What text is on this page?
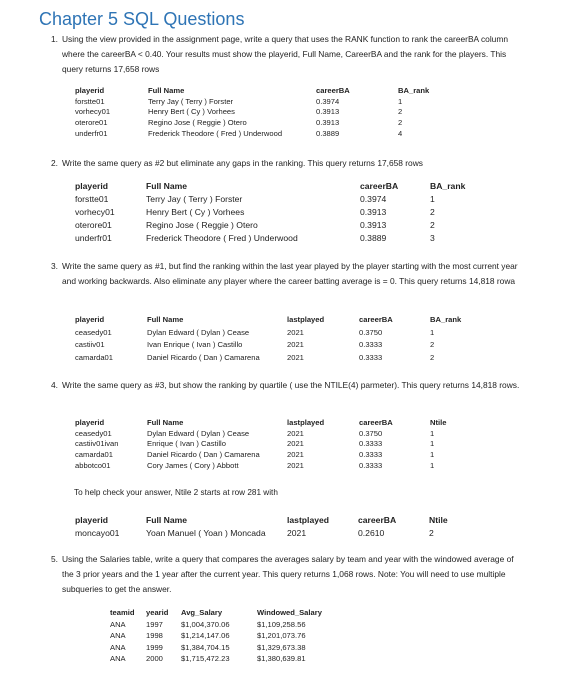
Chapter 5 SQL Questions
1. Using the view provided in the assignment page, write a query that uses the RANK function to rank the careerBA column where the careerBA < 0.40. Your results must show the playerid, Full Name, CareerBA and the rank for the players. This query returns 17,658 rows
playerid	Full Name	careerBA	BA_rank
forstte01	Terry Jay ( Terry ) Forster	0.3974	1
vorhecy01	Henry Bert ( Cy ) Vorhees	0.3913	2
oterore01	Regino Jose ( Reggie ) Otero	0.3913	2
underfr01	Frederick Theodore ( Fred ) Underwood	0.3889	4
2. Write the same query as #2 but eliminate any gaps in the ranking. This query returns 17,658 rows
playerid	Full Name	careerBA	BA_rank
forstte01	Terry Jay ( Terry ) Forster	0.3974	1
vorhecy01	Henry Bert ( Cy ) Vorhees	0.3913	2
oterore01	Regino Jose ( Reggie ) Otero	0.3913	2
underfr01	Frederick Theodore ( Fred ) Underwood	0.3889	3
3. Write the same query as #1, but find the ranking within the last year played by the player starting with the most current year and working backwards. Also eliminate any player where the career batting average is = 0. This query returns 14,818 rowa
playerid	Full Name	lastplayed	careerBA	BA_rank
ceasedy01	Dylan Edward ( Dylan ) Cease	2021	0.3750	1
castiiv01	Ivan Enrique ( Ivan ) Castillo	2021	0.3333	2
camarda01	Daniel Ricardo ( Dan ) Camarena	2021	0.3333	2
4. Write the same query as #3, but show the ranking by quartile ( use the NTILE(4) parmeter). This query returns 14,818 rows.
playerid	Full Name	lastplayed	careerBA	Ntile
ceasedy01	Dylan Edward ( Dylan ) Cease	2021	0.3750	1
castiiv01ivan	Enrique ( Ivan ) Castillo	2021	0.3333	1
camarda01	Daniel Ricardo ( Dan ) Camarena	2021	0.3333	1
abbotco01	Cory James ( Cory ) Abbott	2021	0.3333	1
To help check your answer, Ntile 2 starts at row 281 with
playerid	Full Name	lastplayed	careerBA	Ntile
moncayo01	Yoan Manuel ( Yoan ) Moncada 2021	0.2610	2
5. Using the Salaries table, write a query that compares the averages salary by team and year with the windowed average of the 3 prior years and the 1 year after the current year. This query returns 1,068 rows. Note: You will need to use multiple subqueries to get the answer.
teamid yearid Avg_Salary	Windowed_Salary
ANA	1997 $1,004,370.06	$1,109,258.56
ANA	1998 $1,214,147.06	$1,201,073.76
ANA	1999 $1,384,704.15	$1,329,673.38
ANA	2000 $1,715,472.23	$1,380,639.81
